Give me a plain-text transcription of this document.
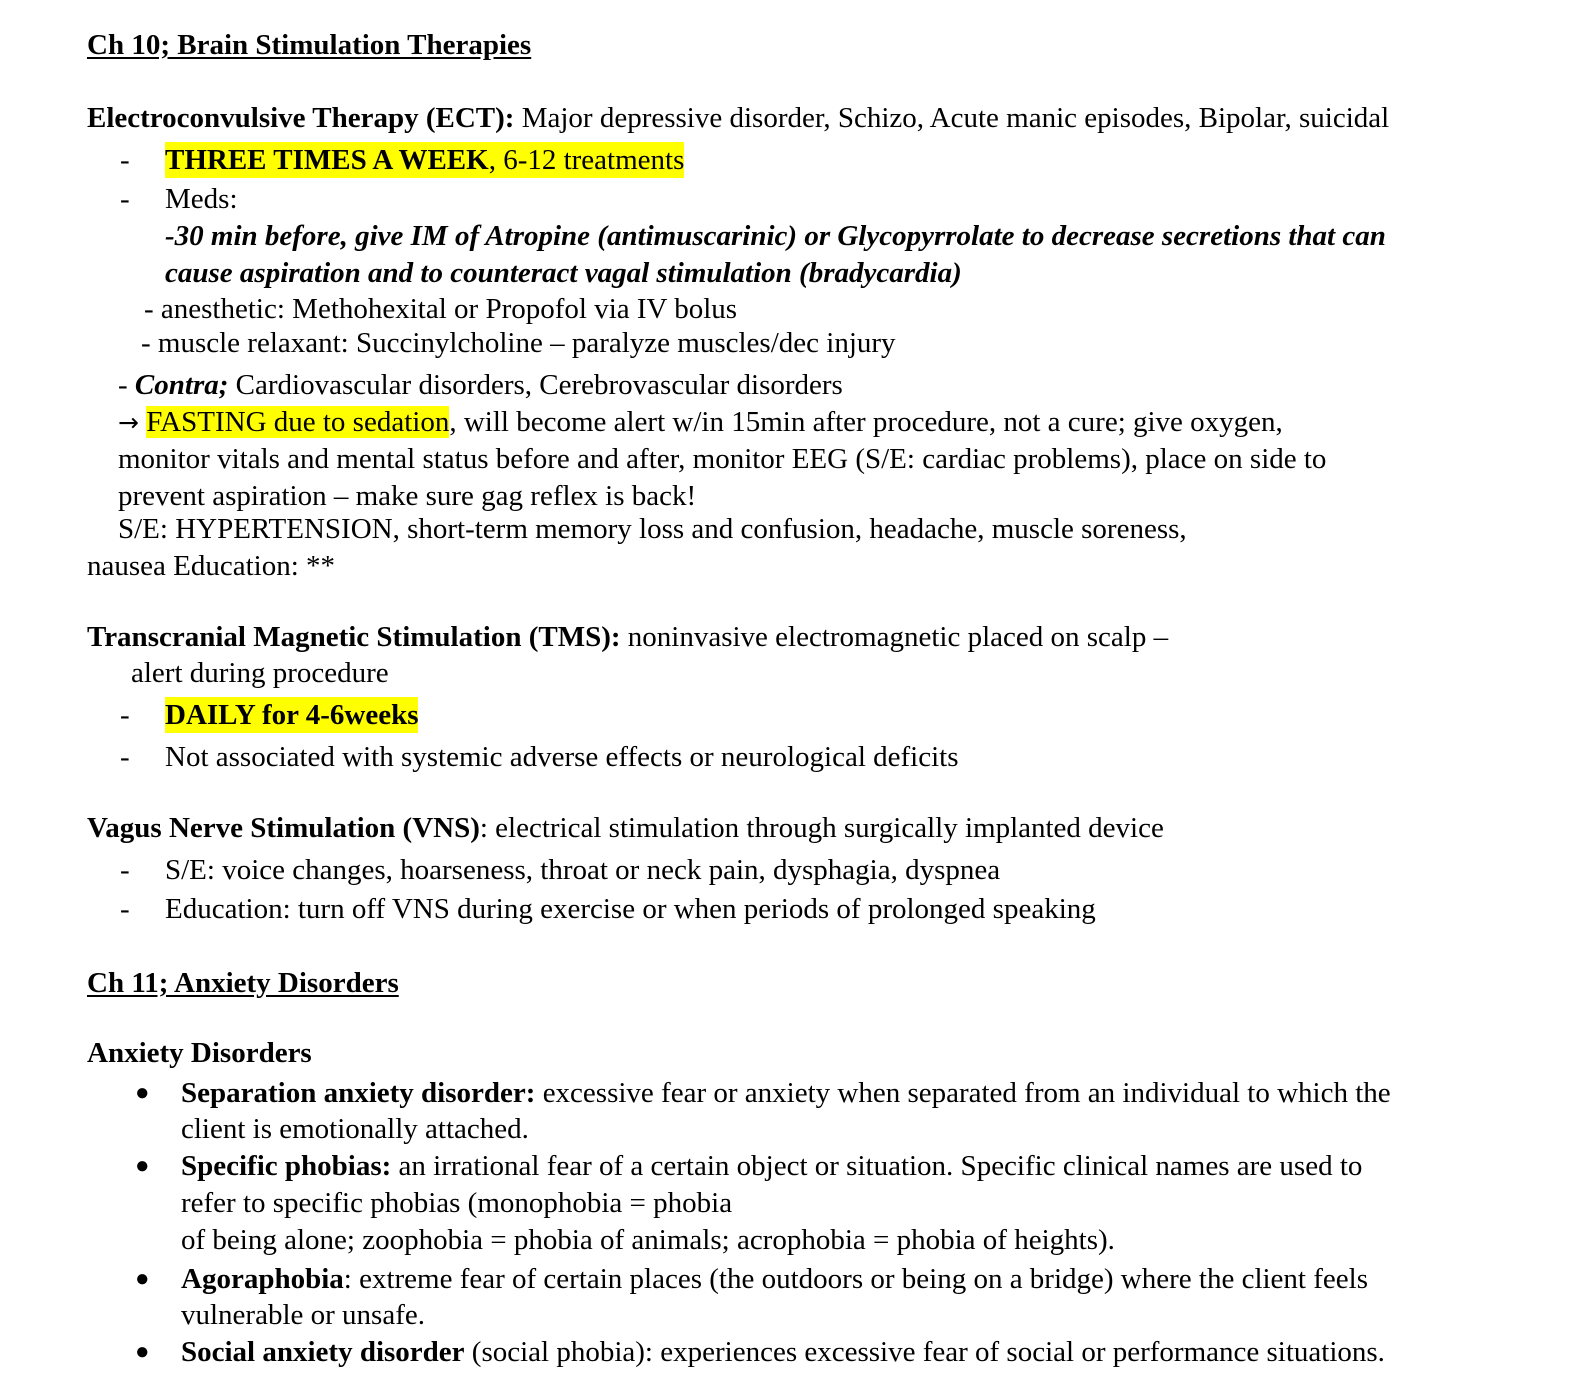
Ch 10; Brain Stimulation Therapies
Electroconvulsive Therapy (ECT): Major depressive disorder, Schizo, Acute manic episodes, Bipolar, suicidal
- THREE TIMES A WEEK, 6-12 treatments
- Meds:
-30 min before, give IM of Atropine (antimuscarinic) or Glycopyrrolate to decrease secretions that can
cause aspiration and to counteract vagal stimulation (bradycardia)
- anesthetic: Methohexital or Propofol via IV bolus
- muscle relaxant: Succinylcholine – paralyze muscles/dec injury
- Contra; Cardiovascular disorders, Cerebrovascular disorders
→ FASTING due to sedation, will become alert w/in 15min after procedure, not a cure; give oxygen,
monitor vitals and mental status before and after, monitor EEG (S/E: cardiac problems), place on side to
prevent aspiration – make sure gag reflex is back!
S/E: HYPERTENSION, short-term memory loss and confusion, headache, muscle soreness,
nausea Education: **
Transcranial Magnetic Stimulation (TMS): noninvasive electromagnetic placed on scalp –
alert during procedure
- DAILY for 4-6weeks
- Not associated with systemic adverse effects or neurological deficits
Vagus Nerve Stimulation (VNS): electrical stimulation through surgically implanted device
- S/E: voice changes, hoarseness, throat or neck pain, dysphagia, dyspnea
- Education: turn off VNS during exercise or when periods of prolonged speaking
Ch 11; Anxiety Disorders
Anxiety Disorders
● Separation anxiety disorder: excessive fear or anxiety when separated from an individual to which the
client is emotionally attached.
● Specific phobias: an irrational fear of a certain object or situation. Specific clinical names are used to
refer to specific phobias (monophobia = phobia
of being alone; zoophobia = phobia of animals; acrophobia = phobia of heights).
● Agoraphobia: extreme fear of certain places (the outdoors or being on a bridge) where the client feels
vulnerable or unsafe.
● Social anxiety disorder (social phobia): experiences excessive fear of social or performance situations.
